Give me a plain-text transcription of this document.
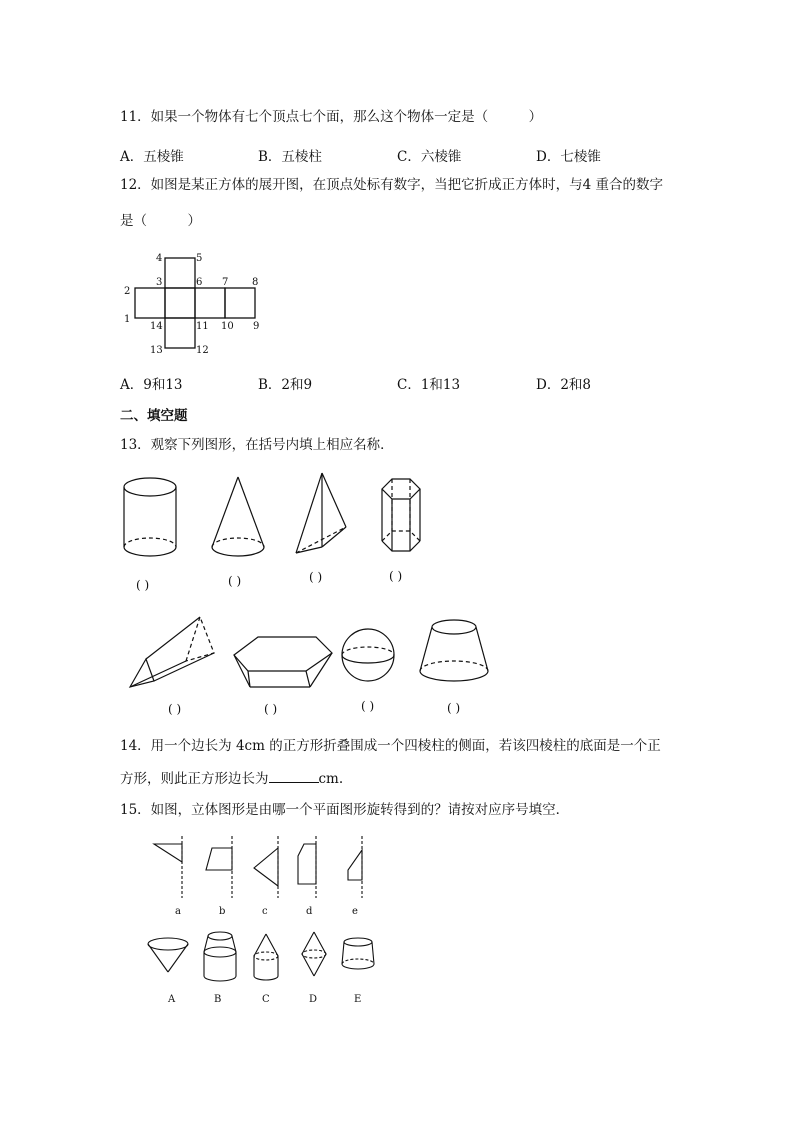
11．如果一个物体有七个顶点七个面，那么这个物体一定是（　　　）
A．五棱锥	B．五棱柱	C．六棱锥	D．七棱锥
12．如图是某正方体的展开图，在顶点处标有数字，当把它折成正方体时，与4 重合的数字
是（　　　）
4	5
3	6 7 8
2
1
14	11 10 9
13	12
A．9和13	B．2和9	C．1和13	D．2和8
二、填空题
13．观察下列图形，在括号内填上相应名称．
( )	( )	( )	( )
( )	( )	( )	( )
14．用一个边长为 4cm 的正方形折叠围成一个四棱柱的侧面，若该四棱柱的底面是一个正
方形，则此正方形边长为	cm.
15．如图，立体图形是由哪一个平面图形旋转得到的？请按对应序号填空．
a	b	c	d	e
A	B	C	D	E
